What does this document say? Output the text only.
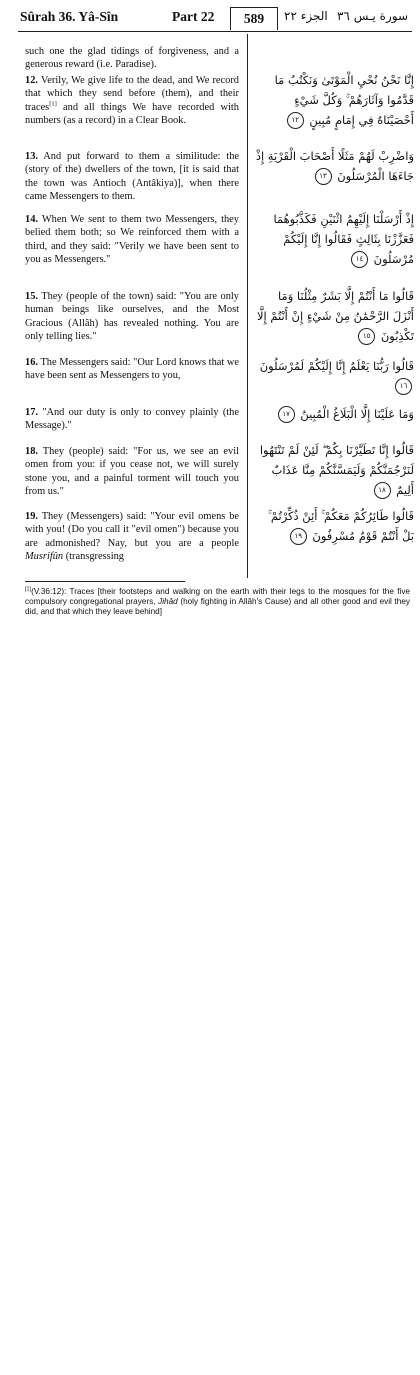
Sûrah 36. Yâ-Sîn	Part 22	589	الجزء ٢٢ سورة يـس ٣٦
such one the glad tidings of forgiveness, and a generous reward (i.e. Paradise).
12. Verily, We give life to the dead, and We record that which they send before (them), and their traces[1] and all things We have recorded with numbers (as a record) in a Clear Book.
إِنَّا نَحْنُ نُحْيِ الْمَوْتَىٰ وَنَكْتُبُ مَا قَدَّمُوا وَآثَارَهُمْ ۚ وَكُلَّ شَيْءٍ أَحْصَيْنَاهُ فِي إِمَامٍ مُبِينٍ ١٢
13. And put forward to them a similitude: the (story of the) dwellers of the town, [it is said that the town was Antioch (Antâkiya)], when there came Messengers to them.
وَاضْرِبْ لَهُمْ مَثَلًا أَصْحَابَ الْقَرْيَةِ إِذْ جَاءَهَا الْمُرْسَلُونَ ١٣
14. When We sent to them two Messengers, they belied them both; so We reinforced them with a third, and they said: "Verily we have been sent to you as Messengers."
إِذْ أَرْسَلْنَا إِلَيْهِمُ اثْنَيْنِ فَكَذَّبُوهُمَا فَعَزَّزْنَا بِثَالِثٍ فَقَالُوا إِنَّا إِلَيْكُمْ مُرْسَلُونَ ١٤
15. They (people of the town) said: "You are only human beings like ourselves, and the Most Gracious (Allâh) has revealed nothing. You are only telling lies."
قَالُوا مَا أَنْتُمْ إِلَّا بَشَرٌ مِثْلُنَا وَمَا أَنْزَلَ الرَّحْمَٰنُ مِنْ شَيْءٍ إِنْ أَنْتُمْ إِلَّا تَكْذِبُونَ ١٥
16. The Messengers said: "Our Lord knows that we have been sent as Messengers to you,
قَالُوا رَبُّنَا يَعْلَمُ إِنَّا إِلَيْكُمْ لَمُرْسَلُونَ ١٦
17. "And our duty is only to convey plainly (the Message)."
وَمَا عَلَيْنَا إِلَّا الْبَلَاغُ الْمُبِينُ ١٧
18. They (people) said: "For us, we see an evil omen from you: if you cease not, we will surely stone you, and a painful torment will touch you from us."
قَالُوا إِنَّا تَطَيَّرْنَا بِكُمْ ۖ لَئِنْ لَمْ تَنْتَهُوا لَنَرْجُمَنَّكُمْ وَلَيَمَسَّنَّكُمْ مِنَّا عَذَابٌ أَلِيمٌ ١٨
19. They (Messengers) said: "Your evil omens be with you! (Do you call it "evil omen") because you are admonished? Nay, but you are a people Musrifûn (transgressing
قَالُوا طَائِرُكُمْ مَعَكُمْ ۚ أَئِنْ ذُكِّرْتُمْ ۚ بَلْ أَنْتُمْ قَوْمٌ مُسْرِفُونَ ١٩
[1](V.36:12): Traces [their footsteps and walking on the earth with their legs to the mosques for the five compulsory congregational prayers, Jihâd (holy fighting in Allâh's Cause) and all other good and evil they did, and that which they leave behind]
